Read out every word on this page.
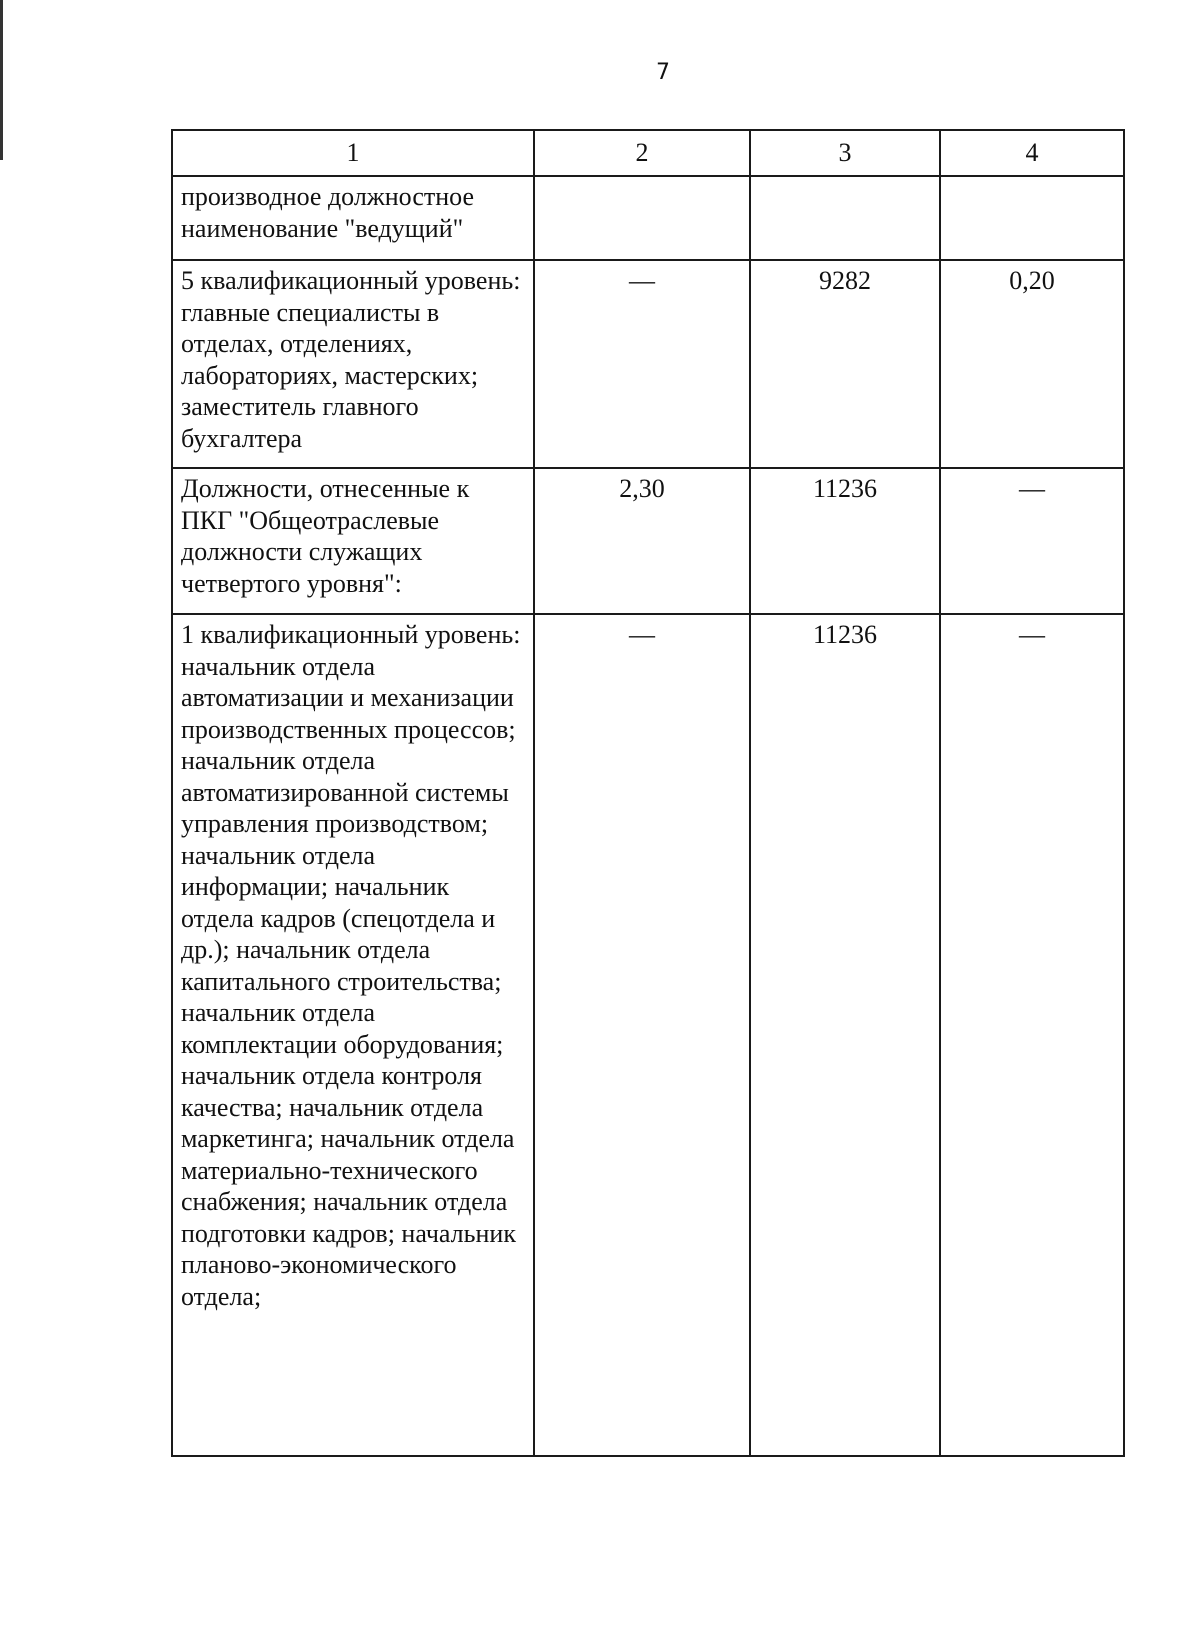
7
1	2	3	4
производное должностное наименование "ведущий"			
5 квалификационный уровень: главные специалисты в отделах, отделениях, лабораториях, мастерских; заместитель главного бухгалтера	—	9282	0,20
Должности, отнесенные к ПКГ "Общеотраслевые должности служащих четвертого уровня":	2,30	11236	—
1 квалификационный уровень: начальник отдела автоматизации и механизации производственных процессов; начальник отдела автоматизированной системы управления производством; начальник отдела информации; начальник отдела кадров (спецотдела и др.); начальник отдела капитального строительства; начальник отдела комплектации оборудования; начальник отдела контроля качества; начальник отдела маркетинга; начальник отдела материально-технического снабжения; начальник отдела подготовки кадров; начальник планово-экономического отдела;	—	11236	—
